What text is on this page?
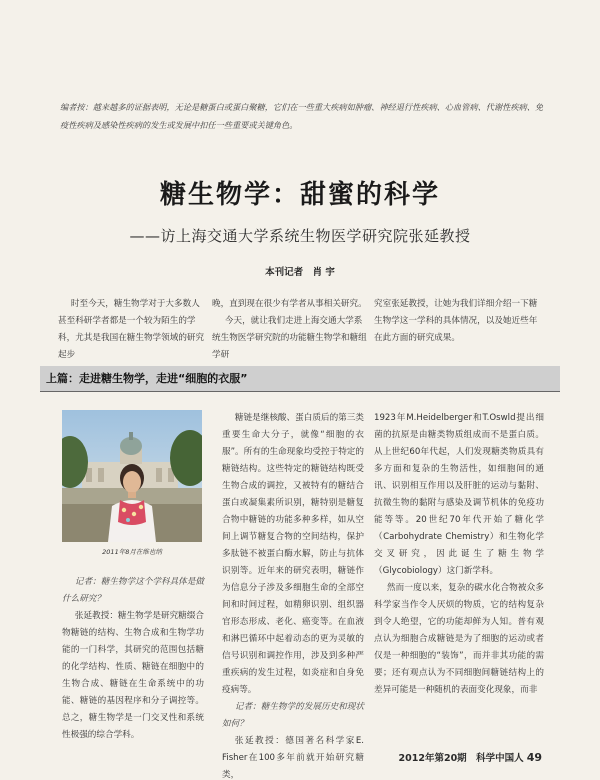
编者按：越来越多的证据表明，无论是糖蛋白或蛋白聚糖，它们在一些重大疾病如肿瘤、神经退行性疾病、心血管病、代谢性疾病、免疫性疾病及感染性疾病的发生或发展中扣任一些重要或关键角色。
糖生物学：甜蜜的科学
——访上海交通大学系统生物医学研究院张延教授
本刊记者　肖 宇

时至今天，糖生物学对于大多数人甚至科研学者都是一个较为陌生的学科，尤其是我国在糖生物学领域的研究起步

晚，直到现在很少有学者从事相关研究。

今天，就让我们走进上海交通大学系统生物医学研究院的功能糖生物学和糖组学研

究室张延教授，让她为我们详细介绍一下糖生物学这一学科的具体情况，以及她近些年在此方面的研究成果。

上篇：走进糖生物学，走进“细胞的衣服”
2011年8月在维也纳

记者：糖生物学这个学科具体是做什么研究？

张延教授：糖生物学是研究糖缀合物糖链的结构、生物合成和生物学功能的一门科学，其研究的范围包括糖的化学结构、性质、糖链在细胞中的生物合成、糖链在生命系统中的功能、糖链的基因程序和分子调控等。总之，糖生物学是一门交叉性和系统性极强的综合学科。

糖链是继核酸、蛋白质后的第三类重要生命大分子，就像“细胞的衣服”。所有的生命现象均受控于特定的糖链结构。这些特定的糖链结构既受生物合成的调控，又被特有的糖结合蛋白或凝集素所识别，糖特别是糖复合物中糖链的功能多种多样，如从空间上调节糖复合物的空间结构，保护多肽链不被蛋白酶水解，防止与抗体识别等。近年来的研究表明，糖链作为信息分子涉及多细胞生命的全部空间和时间过程，如精卵识别、组织器官形态形成、老化、癌变等。在血液和淋巴循环中起着动态的更为灵敏的信号识别和调控作用，涉及到多种严重疾病的发生过程，如炎症和自身免疫病等。

记者：糖生物学的发展历史和现状如何？

张延教授：德国著名科学家E. Fisher在100多年前就开始研究糖类，

1923年M.Heidelberger和T.Oswld提出细菌的抗原是由糖类物质组成而不是蛋白质。从上世纪60年代起，人们发现糖类物质具有多方面和复杂的生物活性，如细胞间的通讯、识别相互作用以及肝脏的运动与黏附、抗微生物的黏附与感染及调节机体的免疫功能等等。20世纪70年代开始了糖化学（Carbohydrate Chemistry）和生物化学交叉研究，因此诞生了糖生物学（Glycobiology）这门新学科。

然而一度以来，复杂的碳水化合物被众多科学家当作令人厌烦的物质，它的结构复杂到令人绝望，它的功能却鲜为人知。普有观点认为细胞合成糖链是为了细胞的运动或者仅是一种细胞的“装饰”，而并非其功能的需要；还有观点认为不同细胞间糖链结构上的差异可能是一种随机的表面变化现象，而非

2012年第20期　科学中国人 49
